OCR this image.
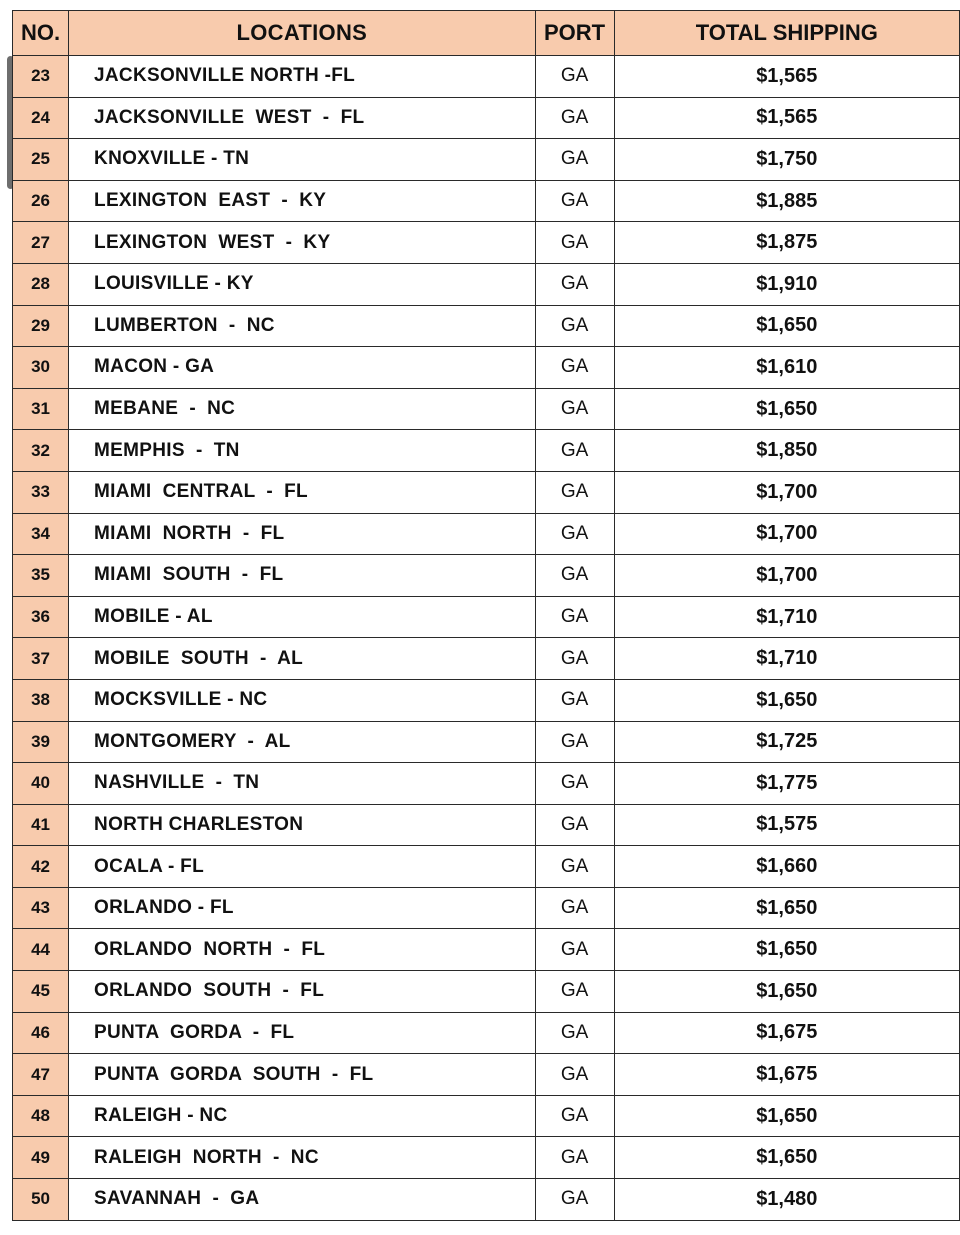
NO.	LOCATIONS	PORT	TOTAL SHIPPING
23	JACKSONVILLE NORTH -FL	GA	$1,565
24	JACKSONVILLE  WEST  -  FL	GA	$1,565
25	KNOXVILLE - TN	GA	$1,750
26	LEXINGTON  EAST  -  KY	GA	$1,885
27	LEXINGTON  WEST  -  KY	GA	$1,875
28	LOUISVILLE - KY	GA	$1,910
29	LUMBERTON  -  NC	GA	$1,650
30	MACON - GA	GA	$1,610
31	MEBANE  -  NC	GA	$1,650
32	MEMPHIS  -  TN	GA	$1,850
33	MIAMI  CENTRAL  -  FL	GA	$1,700
34	MIAMI  NORTH  -  FL	GA	$1,700
35	MIAMI  SOUTH  -  FL	GA	$1,700
36	MOBILE - AL	GA	$1,710
37	MOBILE  SOUTH  -  AL	GA	$1,710
38	MOCKSVILLE - NC	GA	$1,650
39	MONTGOMERY  -  AL	GA	$1,725
40	NASHVILLE  -  TN	GA	$1,775
41	NORTH CHARLESTON	GA	$1,575
42	OCALA - FL	GA	$1,660
43	ORLANDO - FL	GA	$1,650
44	ORLANDO  NORTH  -  FL	GA	$1,650
45	ORLANDO  SOUTH  -  FL	GA	$1,650
46	PUNTA  GORDA  -  FL	GA	$1,675
47	PUNTA  GORDA  SOUTH  -  FL	GA	$1,675
48	RALEIGH - NC	GA	$1,650
49	RALEIGH  NORTH  -  NC	GA	$1,650
50	SAVANNAH  -  GA	GA	$1,480
